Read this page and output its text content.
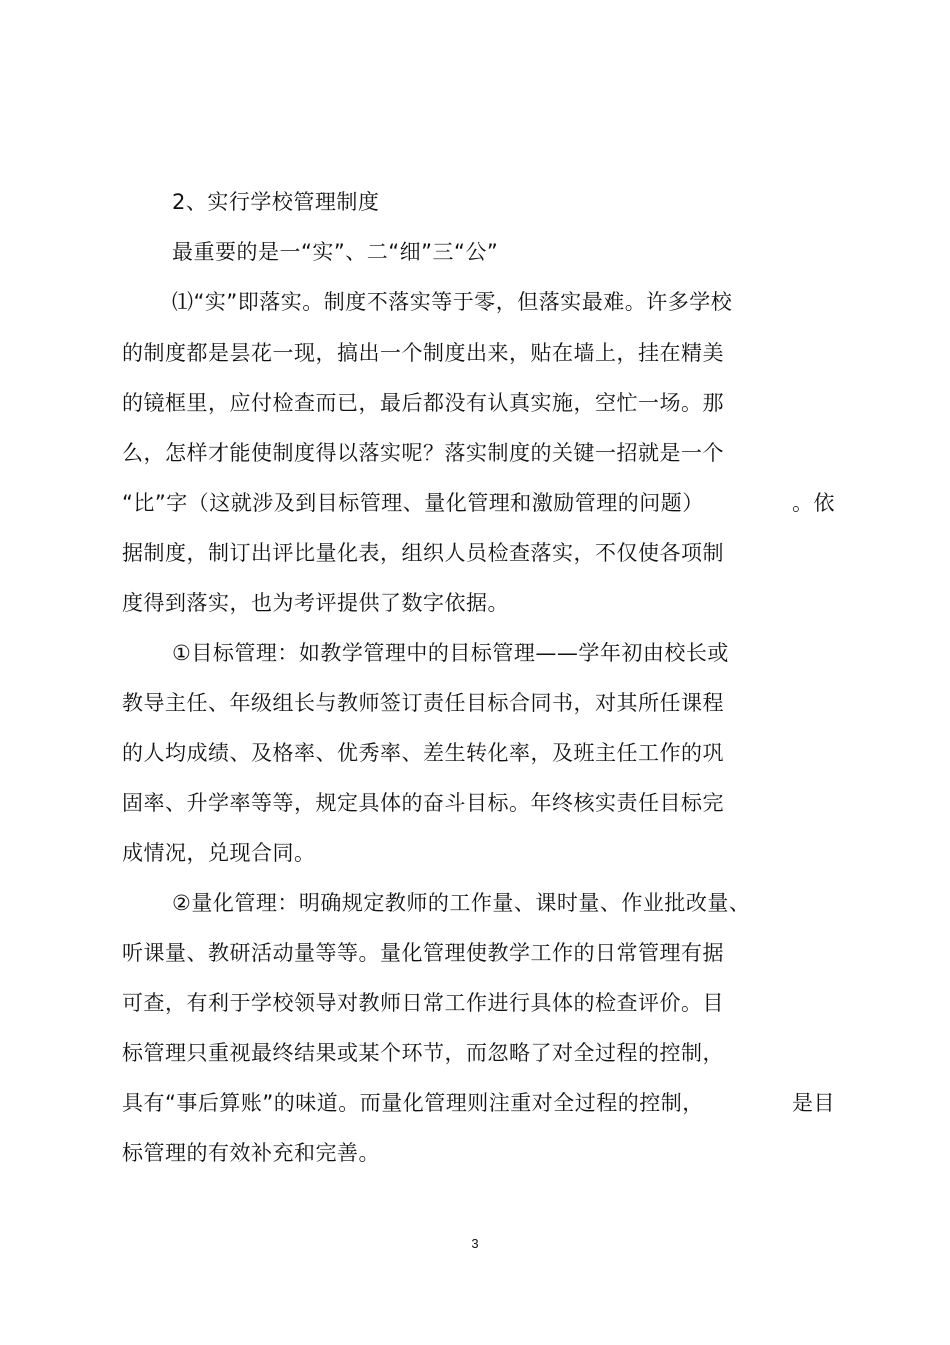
2、实行学校管理制度
最重要的是一“实”、二“细”三“公”
⑴“实”即落实。制度不落实等于零，但落实最难。许多学校
的制度都是昙花一现，搞出一个制度出来，贴在墙上，挂在精美
的镜框里，应付检查而已，最后都没有认真实施，空忙一场。那
么，怎样才能使制度得以落实呢？落实制度的关键一招就是一个
“比”字（这就涉及到目标管理、量化管理和激励管理的问题）	。依
据制度，制订出评比量化表，组织人员检查落实，不仅使各项制
度得到落实，也为考评提供了数字依据。
①目标管理：如教学管理中的目标管理——学年初由校长或
教导主任、年级组长与教师签订责任目标合同书，对其所任课程
的人均成绩、及格率、优秀率、差生转化率，及班主任工作的巩
固率、升学率等等，规定具体的奋斗目标。年终核实责任目标完
成情况，兑现合同。
②量化管理：明确规定教师的工作量、课时量、作业批改量、
听课量、教研活动量等等。量化管理使教学工作的日常管理有据
可查，有利于学校领导对教师日常工作进行具体的检查评价。目
标管理只重视最终结果或某个环节，而忽略了对全过程的控制，
具有“事后算账”的味道。而量化管理则注重对全过程的控制，	是目
标管理的有效补充和完善。
3
